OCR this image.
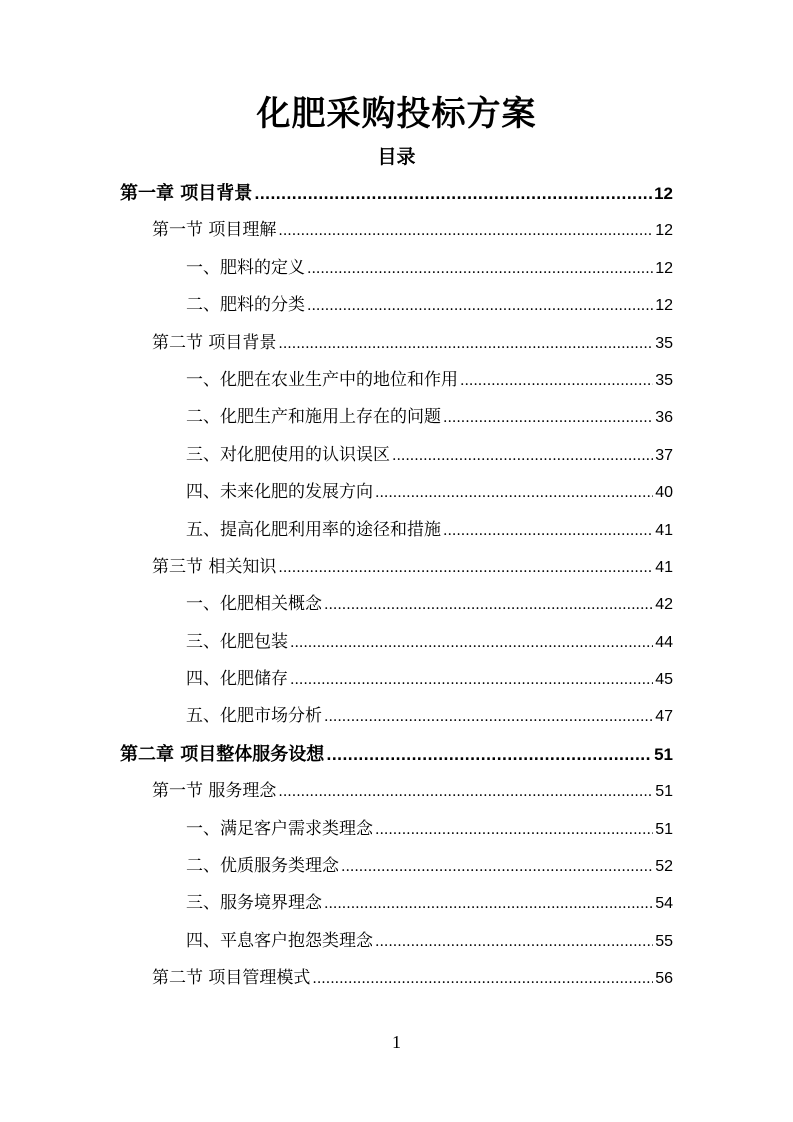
化肥采购投标方案
目录
第一章 项目背景 .....	12
第一节 项目理解 .....	12
一、肥料的定义 .....	12
二、肥料的分类 .....	12
第二节 项目背景 .....	35
一、化肥在农业生产中的地位和作用 .....	35
二、化肥生产和施用上存在的问题 .....	36
三、对化肥使用的认识误区 .....	37
四、未来化肥的发展方向 .....	40
五、提高化肥利用率的途径和措施 .....	41
第三节 相关知识 .....	41
一、化肥相关概念 .....	42
三、化肥包装 .....	44
四、化肥储存 .....	45
五、化肥市场分析 .....	47
第二章 项目整体服务设想 .....	51
第一节 服务理念 .....	51
一、满足客户需求类理念 .....	51
二、优质服务类理念 .....	52
三、服务境界理念 .....	54
四、平息客户抱怨类理念 .....	55
第二节 项目管理模式 .....	56
1
